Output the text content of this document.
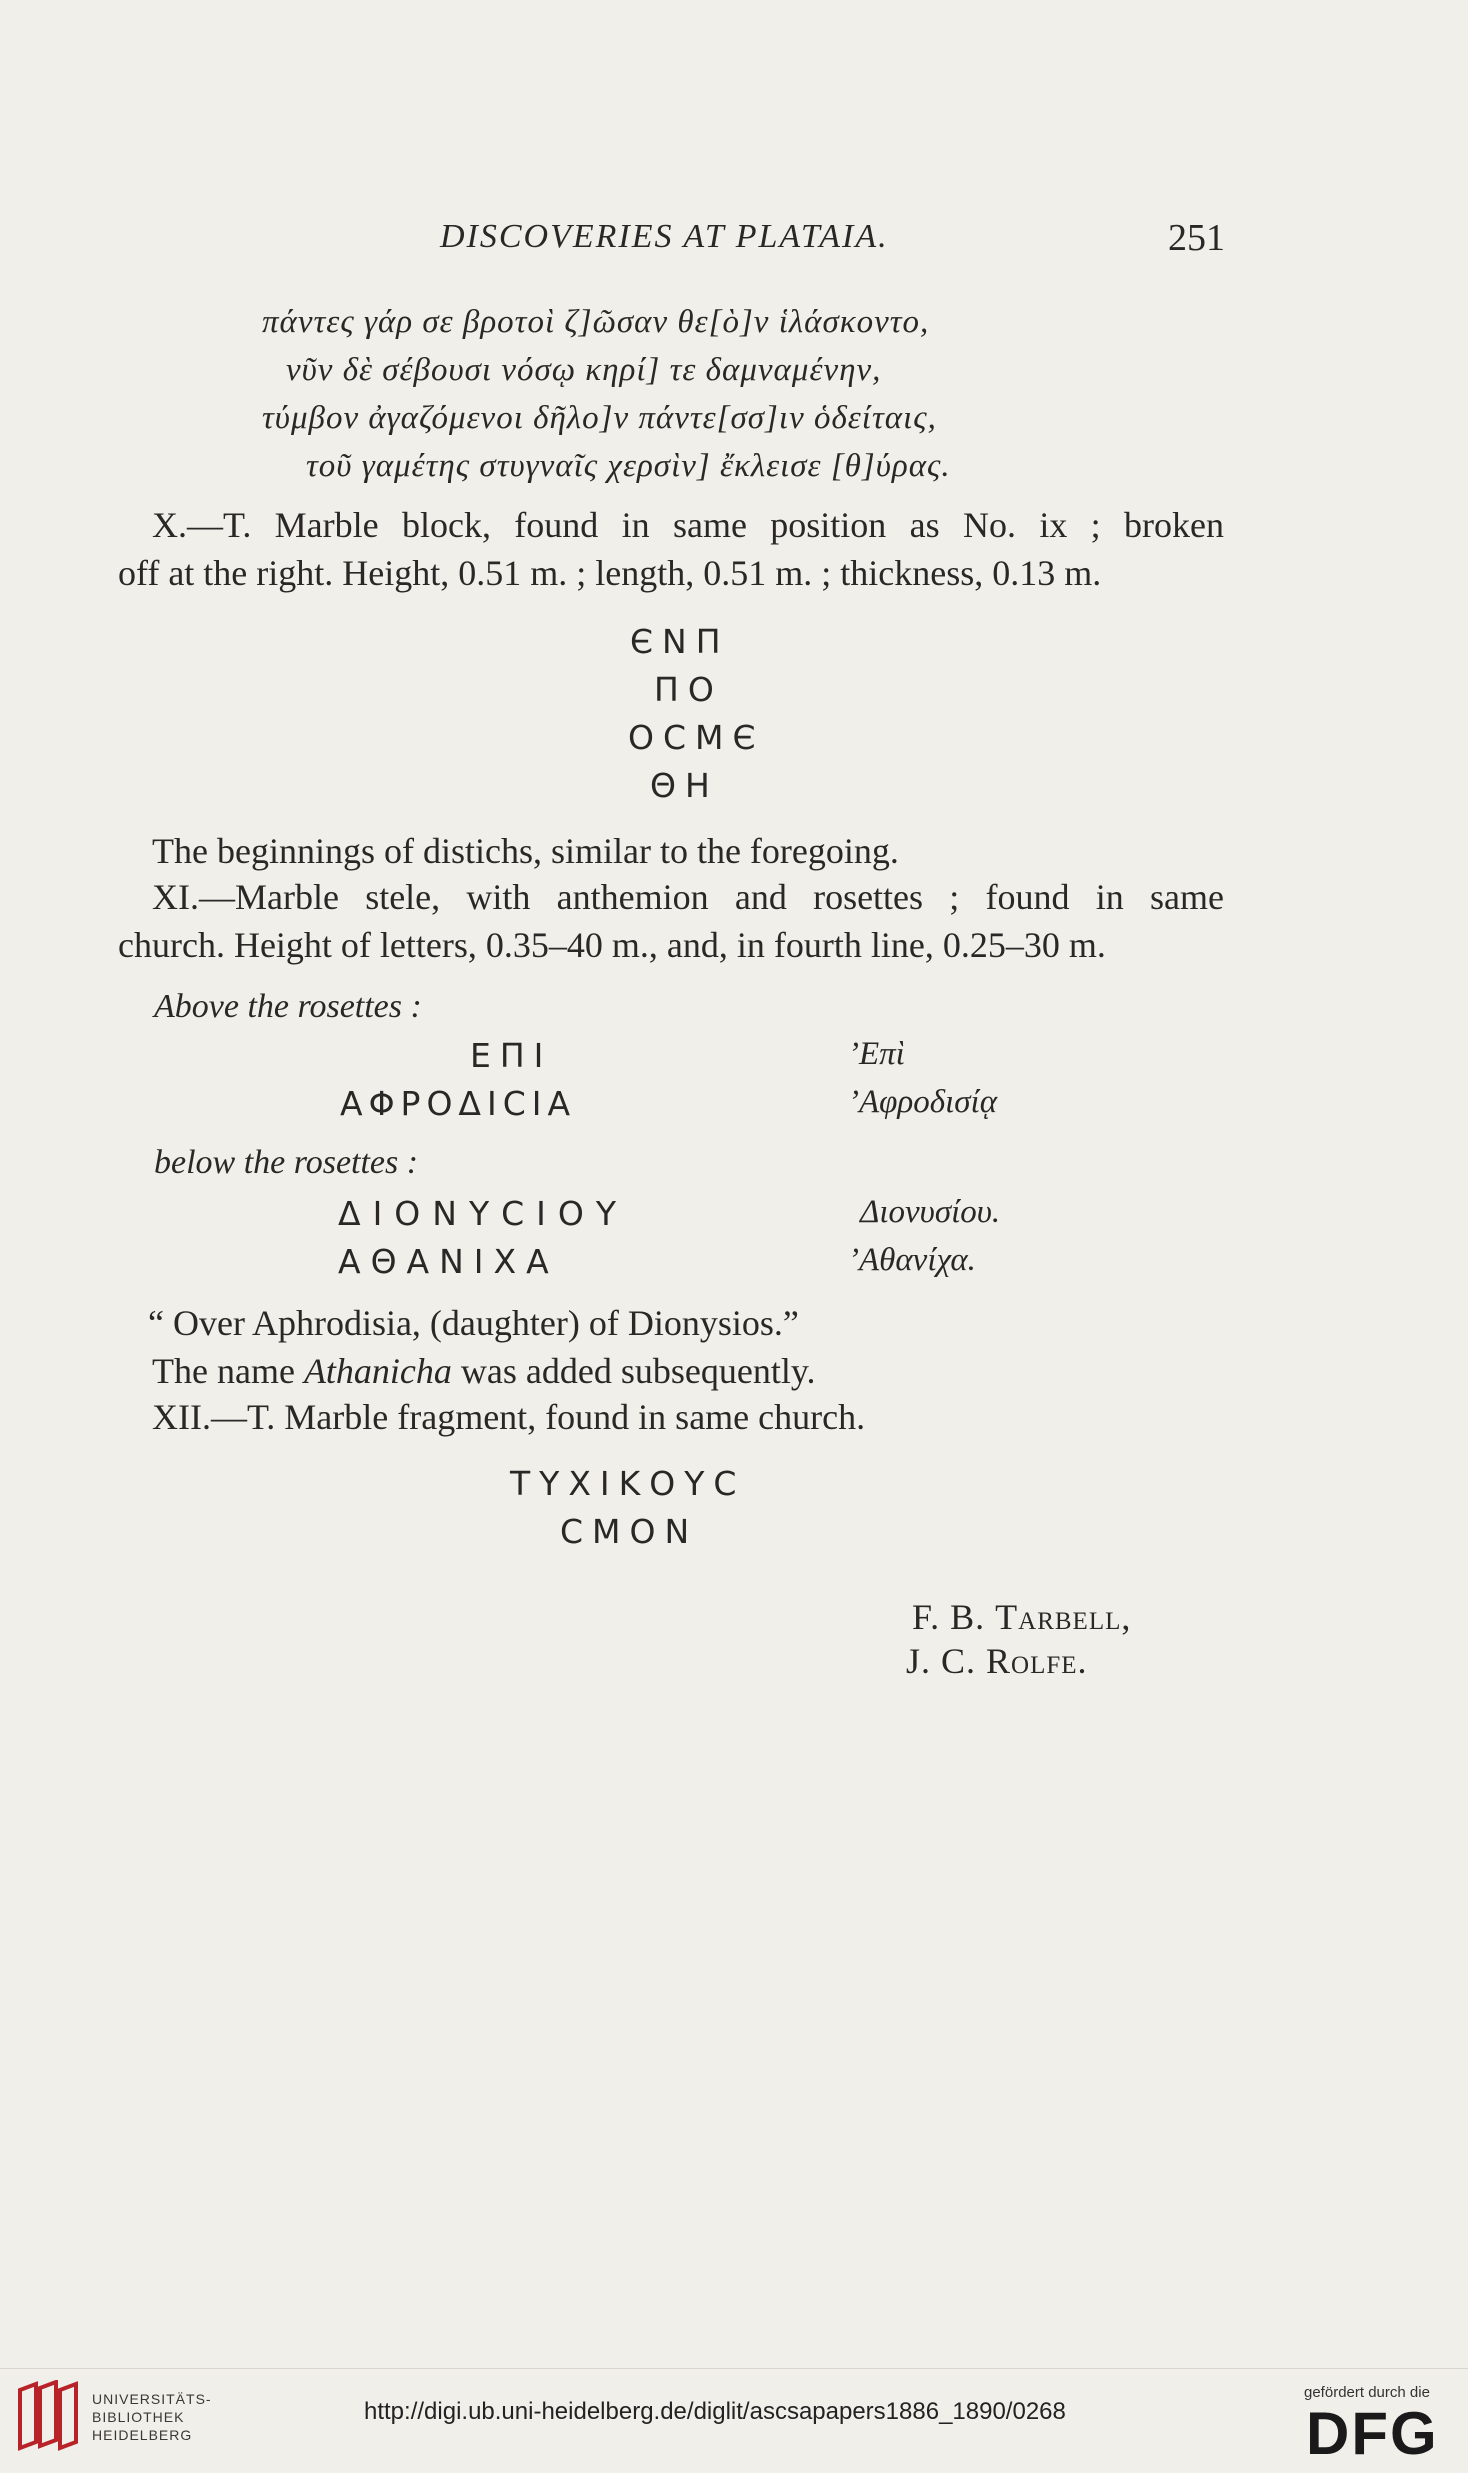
DISCOVERIES AT PLATAIA.	251
πάντες γάρ σε βροτοὶ ζ]ῶσαν θε[ὸ]ν ἱλάσκοντο,
νῦν δὲ σέβουσι νόσῳ κηρί] τε δαμναμένην,
τύμβον ἀγαζόμενοι δῆλο]ν πάντε[σσ]ιν ὁδείταις,
τοῦ γαμέτης στυγναῖς χερσὶν] ἔκλεισε [θ]ύρας.
X.—T. Marble block, found in same position as No. ix ; broken
off at the right. Height, 0.51 m. ; length, 0.51 m. ; thickness, 0.13 m.
ЄΝΠ
ΠΟ
ΟϹΜЄ
ΘΗ
The beginnings of distichs, similar to the foregoing.
XI.—Marble stele, with anthemion and rosettes ; found in same
church. Height of letters, 0.35–40 m., and, in fourth line, 0.25–30 m.
Above the rosettes :
ЕΠΙ	’Επὶ
ΑΦΡΟΔΙϹΙΑ	’Αφροδισίᾳ
below the rosettes :
ΔΙΟΝΥϹΙΟΥ	Διονυσίου.
ΑΘΑΝΙΧΑ	’Αθανίχα.
“ Over Aphrodisia, (daughter) of Dionysios.”
The name Athanicha was added subsequently.
XII.—T. Marble fragment, found in same church.
ΤΥΧΙΚΟΥϹ
ϹΜΟΝ
F. B. Tarbell,
J. C. Rolfe.
UNIVERSITÄTS-
BIBLIOTHEK
HEIDELBERG
http://digi.ub.uni-heidelberg.de/diglit/ascsapapers1886_1890/0268
gefördert durch die
DFG
